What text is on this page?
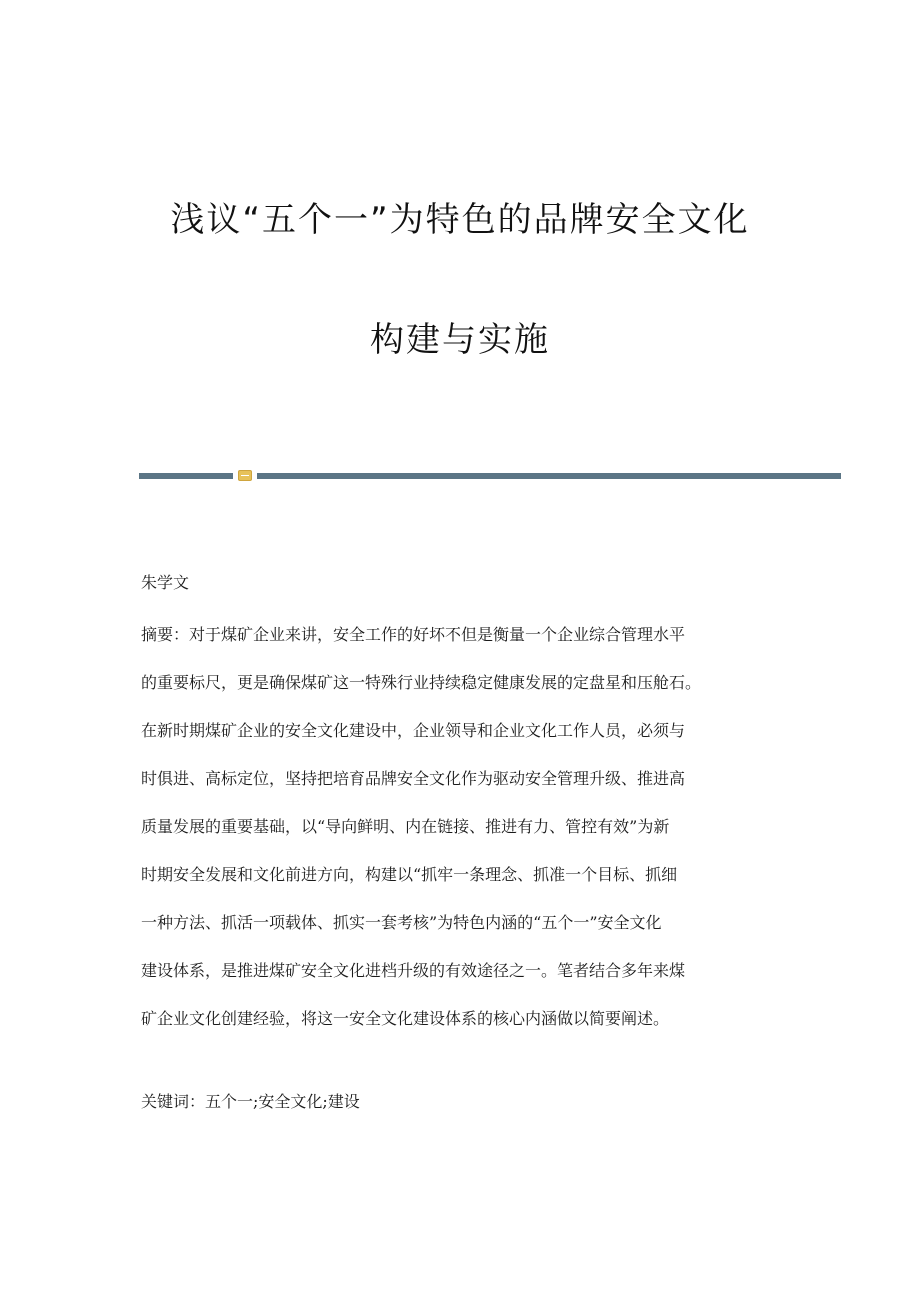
浅议“五个一”为特色的品牌安全文化
构建与实施
朱学文
摘要：对于煤矿企业来讲，安全工作的好坏不但是衡量一个企业综合管理水平
的重要标尺，更是确保煤矿这一特殊行业持续稳定健康发展的定盘星和压舱石。
在新时期煤矿企业的安全文化建设中，企业领导和企业文化工作人员，必须与
时俱进、高标定位，坚持把培育品牌安全文化作为驱动安全管理升级、推进高
质量发展的重要基础，以“导向鲜明、内在链接、推进有力、管控有效”为新
时期安全发展和文化前进方向，构建以“抓牢一条理念、抓准一个目标、抓细
一种方法、抓活一项载体、抓实一套考核”为特色内涵的“五个一”安全文化
建设体系，是推进煤矿安全文化进档升级的有效途径之一。笔者结合多年来煤
矿企业文化创建经验，将这一安全文化建设体系的核心内涵做以简要阐述。
关键词：五个一;安全文化;建设
